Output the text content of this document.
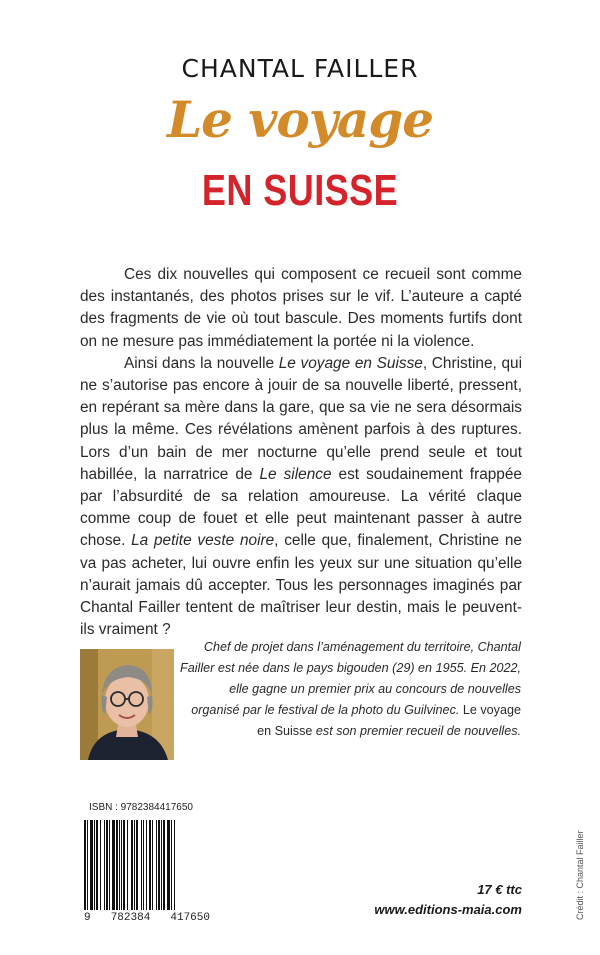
CHANTAL FAILLER
Le voyage
EN SUISSE

Ces dix nouvelles qui composent ce recueil sont comme des instantanés, des photos prises sur le vif. L’auteure a capté des fragments de vie où tout bascule. Des moments furtifs dont on ne mesure pas immédiatement la portée ni la violence.

Ainsi dans la nouvelle Le voyage en Suisse, Christine, qui ne s’autorise pas encore à jouir de sa nouvelle liberté, pressent, en repérant sa mère dans la gare, que sa vie ne sera désormais plus la même. Ces révélations amènent parfois à des ruptures. Lors d’un bain de mer nocturne qu’elle prend seule et tout habillée, la narratrice de Le silence est soudainement frappée par l’absurdité de sa relation amoureuse. La vérité claque comme coup de fouet et elle peut maintenant passer à autre chose. La petite veste noire, celle que, finalement, Christine ne va pas acheter, lui ouvre enfin les yeux sur une situation qu’elle n’aurait jamais dû accepter. Tous les personnages imaginés par Chantal Failler tentent de maîtriser leur destin, mais le peuvent-ils vraiment ?

Chef de projet dans l’aménagement du territoire, Chantal Failler est née dans le pays bigouden (29) en 1955. En 2022, elle gagne un premier prix au concours de nouvelles organisé par le festival de la photo du Guilvinec. Le voyage en Suisse est son premier recueil de nouvelles.
ISBN : 9782384417650
9 782384 417650
17 € ttc
www.editions-maia.com	Crédit : Chantal Failler
